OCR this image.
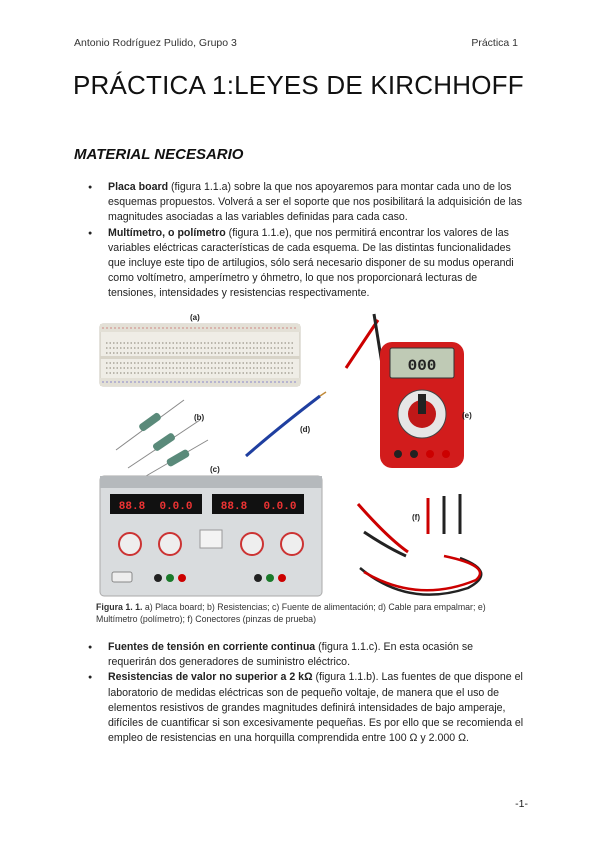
Antonio Rodríguez Pulido, Grupo 3	Práctica 1
PRÁCTICA 1:LEYES DE KIRCHHOFF
MATERIAL NECESARIO
● Placa board (figura 1.1.a) sobre la que nos apoyaremos para montar cada uno de los esquemas propuestos. Volverá a ser el soporte que nos posibilitará la adquisición de las magnitudes asociadas a las variables definidas para cada caso.
● Multímetro, o polímetro (figura 1.1.e), que nos permitirá encontrar los valores de las variables eléctricas características de cada esquema. De las distintas funcionalidades que incluye este tipo de artilugios, sólo será necesario disponer de su modus operandi como voltímetro, amperímetro y óhmetro, lo que nos proporcionará lecturas de tensiones, intensidades y resistencias respectivamente.
(a)
(b)
(d)
000
(e)
(c)
88.8 0.0.0	88.8 0.0.0
(f)
Figura 1. 1. a) Placa board; b) Resistencias; c) Fuente de alimentación; d) Cable para empalmar; e) Multímetro (polímetro); f) Conectores (pinzas de prueba)
● Fuentes de tensión en corriente continua (figura 1.1.c). En esta ocasión se requerirán dos generadores de suministro eléctrico.
● Resistencias de valor no superior a 2 kΩ (figura 1.1.b). Las fuentes de que dispone el laboratorio de medidas eléctricas son de pequeño voltaje, de manera que el uso de elementos resistivos de grandes magnitudes definirá intensidades de bajo amperaje, difíciles de cuantificar si son excesivamente pequeñas. Es por ello que se recomienda el empleo de resistencias en una horquilla comprendida entre 100 Ω y 2.000 Ω.
-1-
